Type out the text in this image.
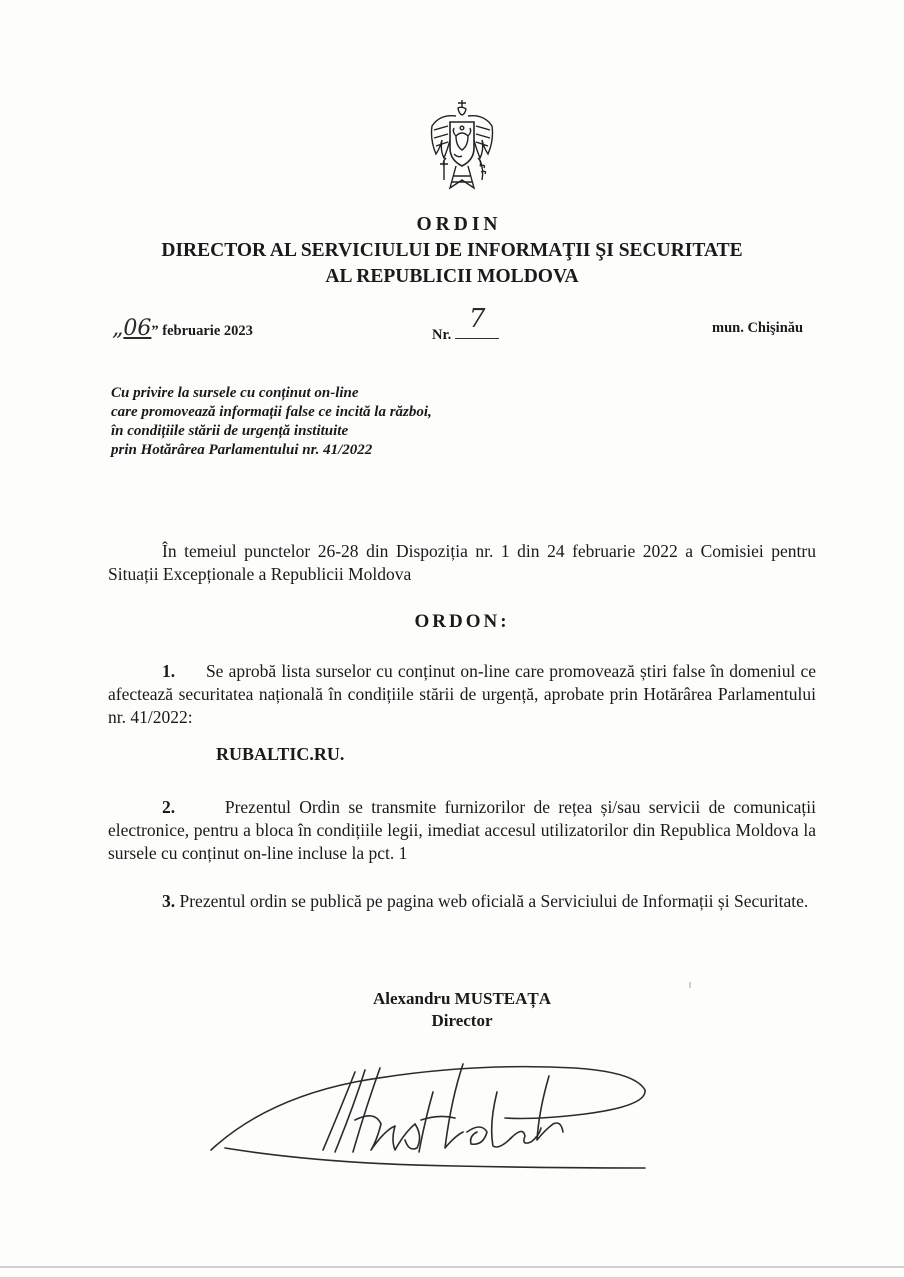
ORDIN
DIRECTOR AL SERVICIULUI DE INFORMAŢII ŞI SECURITATE
AL REPUBLICII MOLDOVA
„06” februarie 2023	Nr.
7	mun. Chişinău
Cu privire la sursele cu conținut on-line
care promovează informații false ce incită la război,
în condițiile stării de urgență instituite
prin Hotărârea Parlamentului nr. 41/2022
În temeiul punctelor 26-28 din Dispoziția nr. 1 din 24 februarie 2022 a Comisiei pentru Situații Excepționale a Republicii Moldova
ORDON:
1. Se aprobă lista surselor cu conținut on-line care promovează știri false în domeniul ce afectează securitatea națională în condițiile stării de urgență, aprobate prin Hotărârea Parlamentului nr. 41/2022:
RUBALTIC.RU.
2.	Prezentul Ordin se transmite furnizorilor de rețea și/sau servicii de comunicații electronice, pentru a bloca în condițiile legii, imediat accesul utilizatorilor din Republica Moldova la sursele cu conținut on-line incluse la pct. 1
3. Prezentul ordin se publică pe pagina web oficială a Serviciului de Informații și Securitate.
Alexandru MUSTEAȚA
Director
